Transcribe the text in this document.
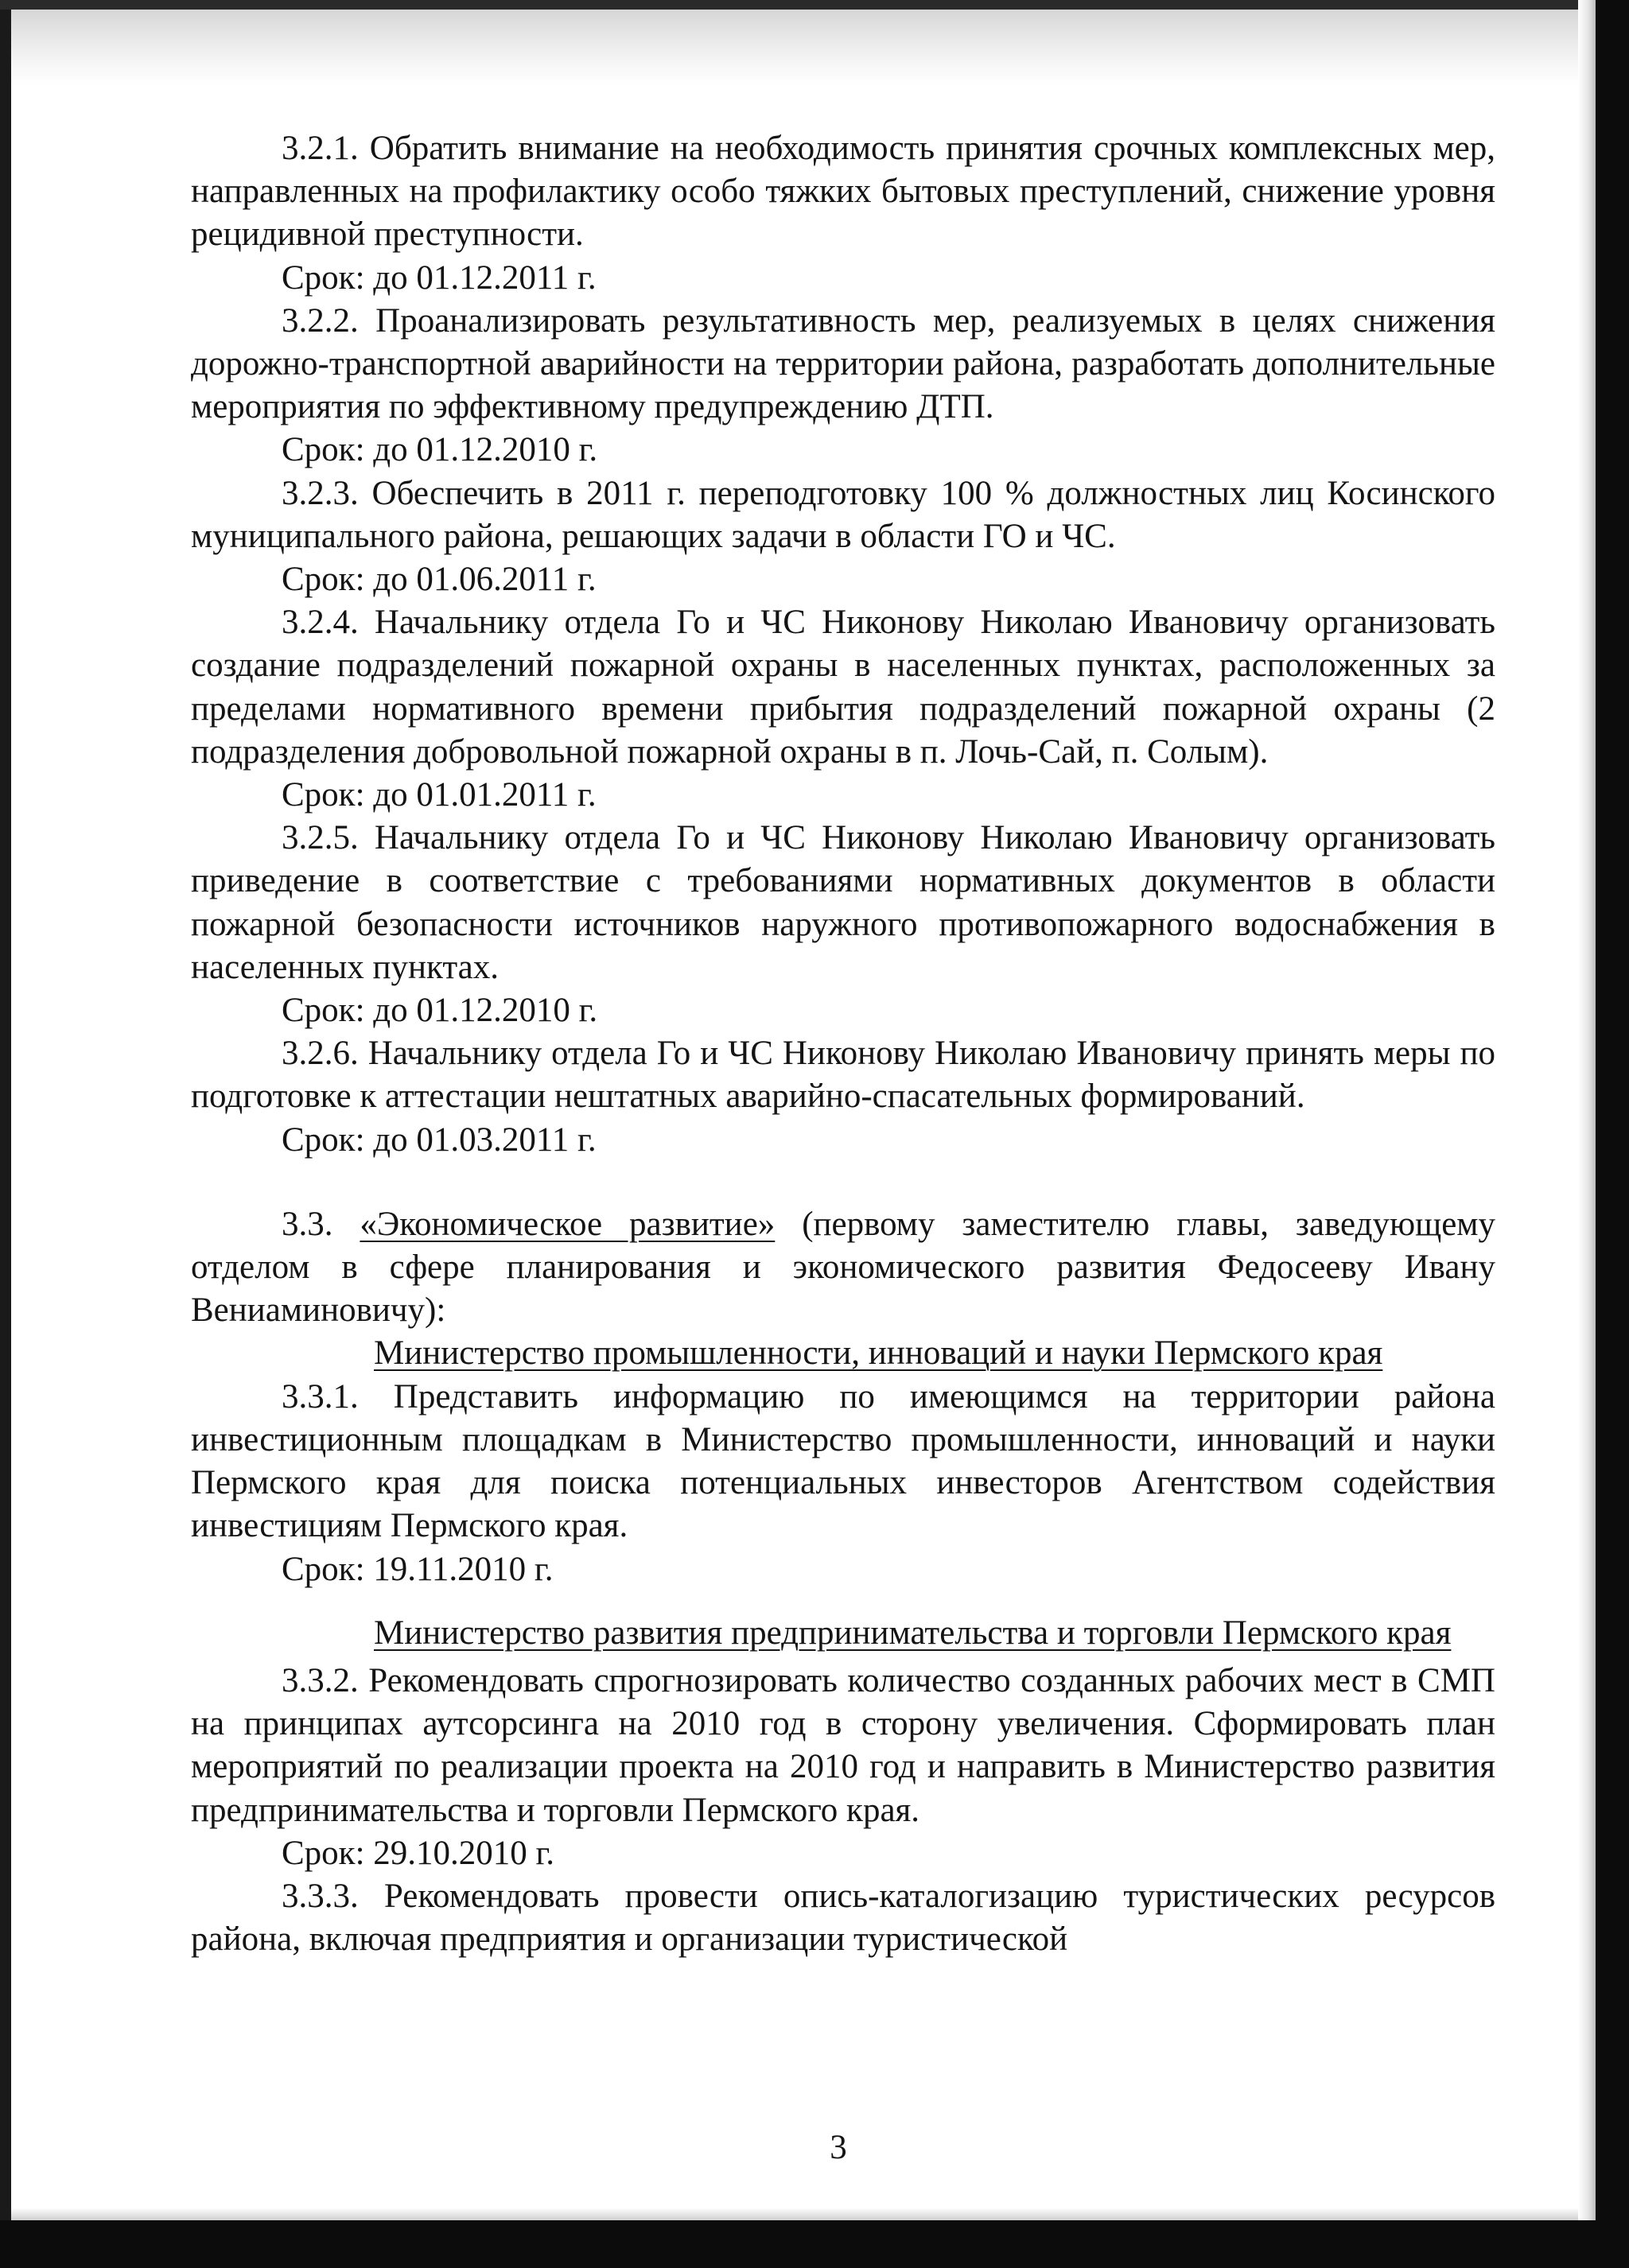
3.2.1. Обратить внимание на необходимость принятия срочных комплексных мер, направленных на профилактику особо тяжких бытовых преступлений, снижение уровня рецидивной преступности.

Срок: до 01.12.2011 г.

3.2.2. Проанализировать результативность мер, реализуемых в целях снижения дорожно-транспортной аварийности на территории района, разработать дополнительные мероприятия по эффективному предупреждению ДТП.

Срок: до 01.12.2010 г.

3.2.3. Обеспечить в 2011 г. переподготовку 100 % должностных лиц Косинского муниципального района, решающих задачи в области ГО и ЧС.

Срок: до 01.06.2011 г.

3.2.4. Начальнику отдела Го и ЧС Никонову Николаю Ивановичу организовать создание подразделений пожарной охраны в населенных пунктах, расположенных за пределами нормативного времени прибытия подразделений пожарной охраны (2 подразделения добровольной пожарной охраны в п. Лочь-Сай, п. Солым).

Срок: до 01.01.2011 г.

3.2.5. Начальнику отдела Го и ЧС Никонову Николаю Ивановичу организовать приведение в соответствие с требованиями нормативных документов в области пожарной безопасности источников наружного противопожарного водоснабжения в населенных пунктах.

Срок: до 01.12.2010 г.

3.2.6. Начальнику отдела Го и ЧС Никонову Николаю Ивановичу принять меры по подготовке к аттестации нештатных аварийно-спасательных формирований.

Срок: до 01.03.2011 г.

3.3. «Экономическое развитие» (первому заместителю главы, заведующему отделом в сфере планирования и экономического развития Федосееву Ивану Вениаминовичу):

Министерство промышленности, инноваций и науки Пермского края

3.3.1. Представить информацию по имеющимся на территории района инвестиционным площадкам в Министерство промышленности, инноваций и науки Пермского края для поиска потенциальных инвесторов Агентством содействия инвестициям Пермского края.

Срок: 19.11.2010 г.

Министерство развития предпринимательства и торговли Пермского края

3.3.2. Рекомендовать спрогнозировать количество созданных рабочих мест в СМП на принципах аутсорсинга на 2010 год в сторону увеличения. Сформировать план мероприятий по реализации проекта на 2010 год и направить в Министерство развития предпринимательства и торговли Пермского края.

Срок: 29.10.2010 г.

3.3.3. Рекомендовать провести опись-каталогизацию туристических ресурсов района, включая предприятия и организации туристической

3
